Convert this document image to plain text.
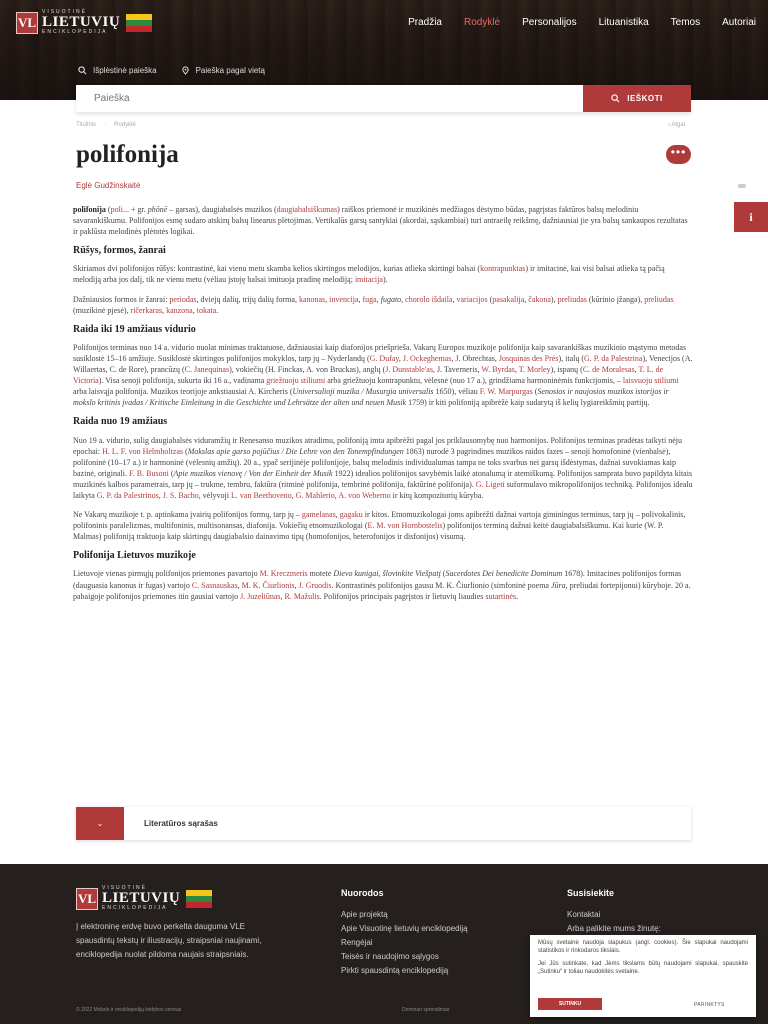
VL
VISUOTINĖ
LIETUVIŲ
ENCIKLOPEDIJA
Pradžia Rodyklė Personalijos Lituanistika Temos Autoriai
Išplėstinė paieška	Paieška pagal vietą
Paieška
IEŠKOTI
Titulinis · Rodyklė	‹ Atgal
polifonija	•••
Eglė Gudžinskaitė
i

polifonija (poli... + gr. phōnē – garsas), daugiabalsės muzikos (daugiabalsiškumas) raiškos priemonė ir muzikinės medžiagos dėstymo būdas, pagrįstas faktūros balsų melodiniu savarankiškumu. Polifonijos esmę sudaro atskirų balsų linearus plėtojimas. Vertikalūs garsų santykiai (akordai, sąskambiai) turi antraeilę reikšmę, dažniausiai jie yra balsų sankaupos rezultatas ir paklūsta melodinės plėtotės logikai.

Rūšys, formos, žanrai

Skiriamos dvi polifonijos rūšys: kontrastinė, kai vienu metu skamba kelios skirtingos melodijos, kurias atlieka skirtingi balsai (kontrapunktas) ir imitacinė, kai visi balsai atlieka tą pačią melodiją arba jos dalį, tik ne vienu metu (vėliau įstoję balsai imituoja pradinę melodiją; imitacija).

Dažniausios formos ir žanrai: periodas, dviejų dalių, trijų dalių forma, kanonas, invencija, fuga, fugato, chorolo išdaila, variacijos (pasakalija, čakona), preliudas (kūrinio įžanga), preliudas (muzikinė pjesė), ričerkaras, kanzona, tokata.

Raida iki 19 amžiaus vidurio

Polifonijos terminas nuo 14 a. vidurio nuolat minimas traktatuose, dažniausiai kaip diafonijos priešprieša. Vakarų Europos muzikoje polifonija kaip savarankiškas muzikinio mąstymo metodas susiklostė 15–16 amžiuje. Susiklostė skirtingos polifonijos mokyklos, tarp jų – Nyderlandų (G. Dufay, J. Ockeghemas, J. Obrechtas, Josquinas des Prés), italų (G. P. da Palestrina), Venecijos (A. Willaertas, C. de Rore), prancūzų (C. Janequinas), vokiečių (H. Finckas, A. von Bruckas), anglų (J. Dunstable'as, J. Taverneris, W. Byrdas, T. Morley), ispanų (C. de Moralesas, T. L. de Victoria). Visa senoji polifonija, sukurta iki 16 a., vadinama griežtuoju stiliumi arba griežtuoju kontrapunktu, vėlesnė (nuo 17 a.), grindžiama harmoninėmis funkcijomis, – laisvuoju stiliumi arba laisvąja polifonija. Muzikos teorijoje ankstiausiai A. Kircheris (Universalioji muzika / Musurgia universalis 1650), vėliau F. W. Marpurgas (Senosios ir naujosios muzikos istorijos ir mokslo kritinis įvadas / Kritische Einleitung in die Geschichte und Lehrsätze der alten und neuen Musik 1759) ir kiti polifoniją apibrėžė kaip sudarytą iš kelių lygiareikšmių partijų.

Raida nuo 19 amžiaus

Nuo 19 a. vidurio, sulig daugiabalsės viduramžių ir Renesanso muzikos atradimu, polifoniją imta apibrėžti pagal jos priklausomybę nuo harmonijos. Polifonijos terminas pradėtas taikyti nėju epochai: H. L. F. von Helmholtzas (Mokslas apie garso pojūčius / Die Lehre von den Tonempfindungen 1863) nurodė 3 pagrindines muzikos raidos fazes – senoji homofoninė (vienbalsė), polifoninė (10–17 a.) ir harmoninė (vėlesnių amžių). 20 a., ypač serijinėje polifonijoje, balsų melodinis individualumas tampa ne toks svarbus nei garsų išdėstymas, dažnai suvokiamas kaip bazinė, originali. F. B. Busoni (Apie muzikos vienovę / Von der Einheit der Musik 1922) idealios polifonijos savybėmis laikė atonalumą ir atemiškumą. Polifonijos samprata buvo papildyta kitais muzikinės kalbos parametrais, tarp jų – trukme, tembru, faktūra (ritminė polifonija, tembrinė polifonija, faktūrinė polifonija). G. Ligeti suformulavo mikropolifonijos techniką. Polifonijos idealu laikyta G. P. da Palestrinos, J. S. Bacho, vėlyvoji L. van Beethoveno, G. Mahlerio, A. von Weberno ir kitų kompozitorių kūryba.

Ne Vakarų muzikoje t. p. aptinkama įvairių polifonijos formų, tarp jų – gamelanas, gagaku ir kitos. Etnomuzikologai joms apibrėžti dažnai vartoja giminingus terminus, tarp jų – polivokalinis, polifoninis paralelizmas, multifoninis, multisonansas, diafonija. Vokiečių etnomuzikologai (E. M. von Hornbostelis) polifonijos terminą dažnai keitė daugiabalsiškumu. Kai kurie (W. P. Malmas) polifoniją traktuoja kaip skirtingų daugiabalsio dainavimo tipų (homofonijos, heterofonijos ir disfonijos) visumą.

Polifonija Lietuvos muzikoje

Lietuvoje vienas pirmųjų polifonijos priemones pavartojo M. Kreczmeris motete Dievo kunigai, šlovinkite Viešpatį (Sacerdotes Dei benedicite Dominum 1678). Imitacines polifonijos formas (dauguasia kanonus ir fugas) vartojo C. Sasnauskas, M. K. Čiurlionis, J. Gruodis. Kontrastinės polifonijos gausu M. K. Čiurlionio (simfoninė poema Jūra, preliudai fortepijonui) kūryboje. 20 a. pabaigoje polifonijos priemones itin gausiai vartojo J. Juzeliūnas, R. Mažulis. Polifonijos principais pagrįstos ir lietuvių liaudies sutartinės.

⌄	Literatūros sąrašas
VL
VISUOTINĖ
LIETUVIŲ
ENCIKLOPEDIJA
Į elektroninę erdvę buvo perkelta dauguma VLE spausdintų tekstų ir iliustracijų, straipsniai naujinami, enciklopedija nuolat pildoma naujais straipsniais.
Nuorodos
Apie projektą
Apie Visuotinę lietuvių enciklopediją
Rengėjai
Teisės ir naudojimo sąlygos
Pirkti spausdintą enciklopediją
Susisiekite
Kontaktai
Arba palikite mums žinutę:
© 2022 Mokslo ir enciklopedijų leidybos centras	Dominari sprendimas

Mūsų svetainė naudoja slapukus (angl. cookies). Šie slapukai naudojami statistikos ir rinkodaros tikslais.

Jei Jūs sutinkate, kad Jėms tikslams būtų naudojami slapukai, spauskite „Sutinku“ ir toliau naudokitės svetaine.

SUTINKU	PARINKTYS
